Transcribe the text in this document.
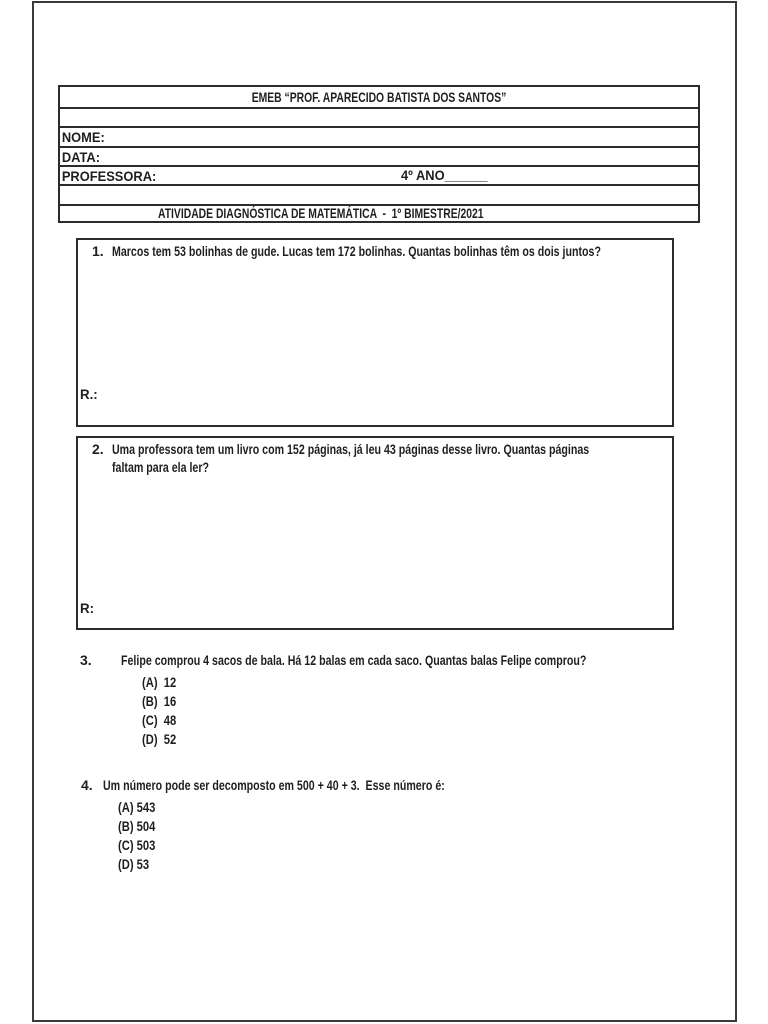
EMEB “PROF. APARECIDO BATISTA DOS SANTOS”
NOME:
DATA:
PROFESSORA:	4º ANO______
ATIVIDADE DIAGNÓSTICA DE MATEMÁTICA  -  1º BIMESTRE/2021
1. Marcos tem 53 bolinhas de gude. Lucas tem 172 bolinhas. Quantas bolinhas têm os dois juntos?
R.:
2. Uma professora tem um livro com 152 páginas, já leu 43 páginas desse livro. Quantas páginas
faltam para ela ler?
R:
3. Felipe comprou 4 sacos de bala. Há 12 balas em cada saco. Quantas balas Felipe comprou?
(A)  12
(B)  16
(C)  48
(D)  52
4. Um número pode ser decomposto em 500 + 40 + 3.  Esse número é:
(A) 543
(B) 504
(C) 503
(D) 53
